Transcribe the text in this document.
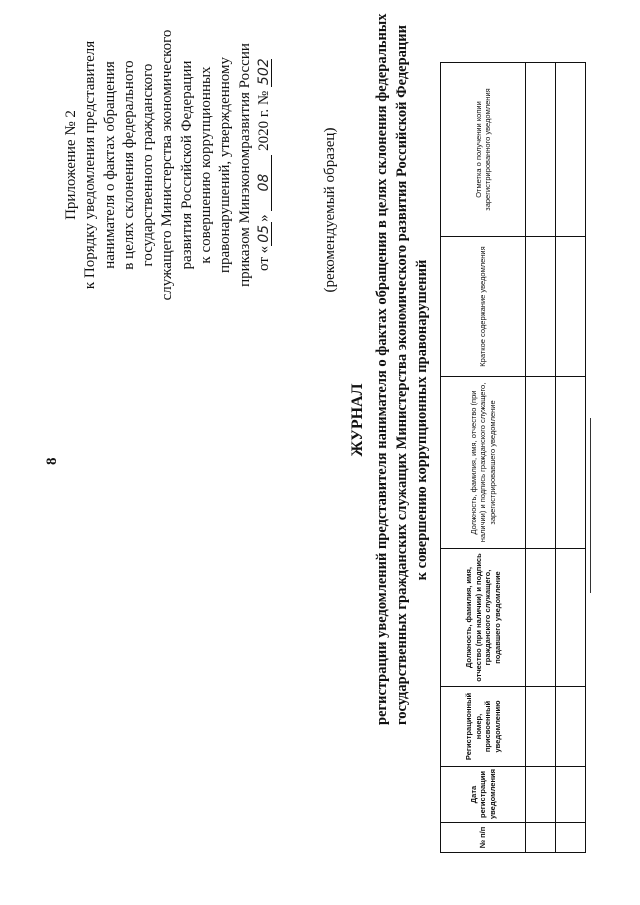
8
Приложение № 2 к Порядку уведомления представителя нанимателя о фактах обращения в целях склонения федерального государственного гражданского служащего Министерства экономического развития Российской Федерации к совершению коррупционных правонарушений, утвержденному приказом Минэкономразвития России от «05» 08 2020 г. № 502
(рекомендуемый образец)
ЖУРНАЛ регистрации уведомлений представителя нанимателя о фактах обращения в целях склонения федеральных государственных гражданских служащих Министерства экономического развития Российской Федерации к совершению коррупционных правонарушений
№ п/п	Дата регистрации уведомления	Регистрационный номер, присвоенный уведомлению	Должность, фамилия, имя, отчество (при наличии) и подпись гражданского служащего, подавшего уведомление	Должность, фамилия, имя, отчество (при наличии) и подпись гражданского служащего, зарегистрировавшего уведомление	Краткое содержание уведомления	Отметка о получении копии зарегистрированного уведомления
